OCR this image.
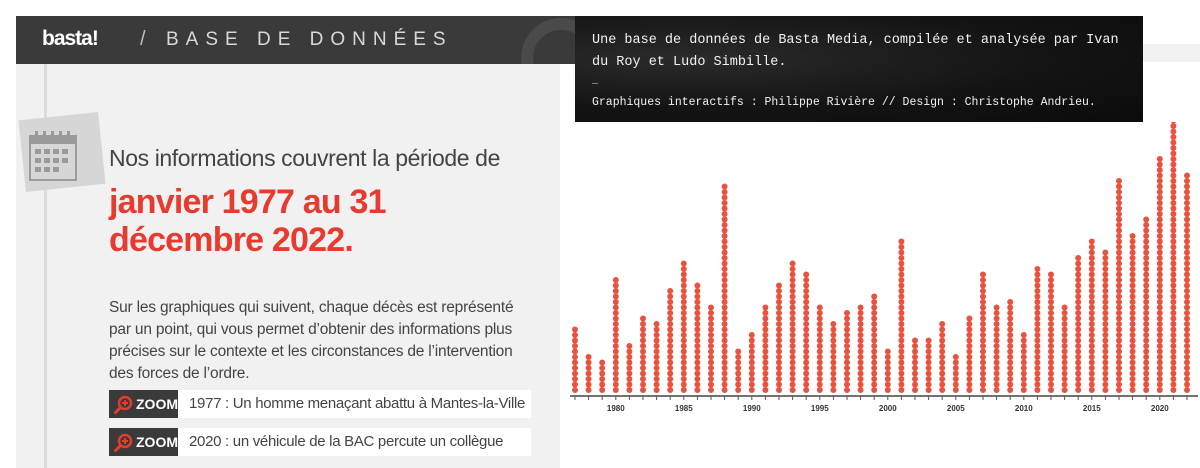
basta! / BASE DE DONNÉES	Une base de données de Basta Media, compilée et analysée par Ivan du Roy et Ludo Simbille.
—
Graphiques interactifs : Philippe Rivière // Design : Christophe Andrieu.
Nos informations couvrent la période de
janvier 1977 au 31 décembre 2022.
Sur les graphiques qui suivent, chaque décès est représenté par un point, qui vous permet d’obtenir des informations plus précises sur le contexte et les circonstances de l’intervention des forces de l’ordre.
ZOOM 1977 : Un homme menaçant abattu à Mantes-la-Ville
ZOOM 2020 : un véhicule de la BAC percute un collègue
1980	1985	1990	1995	2000	2005	2010	2015	2020
